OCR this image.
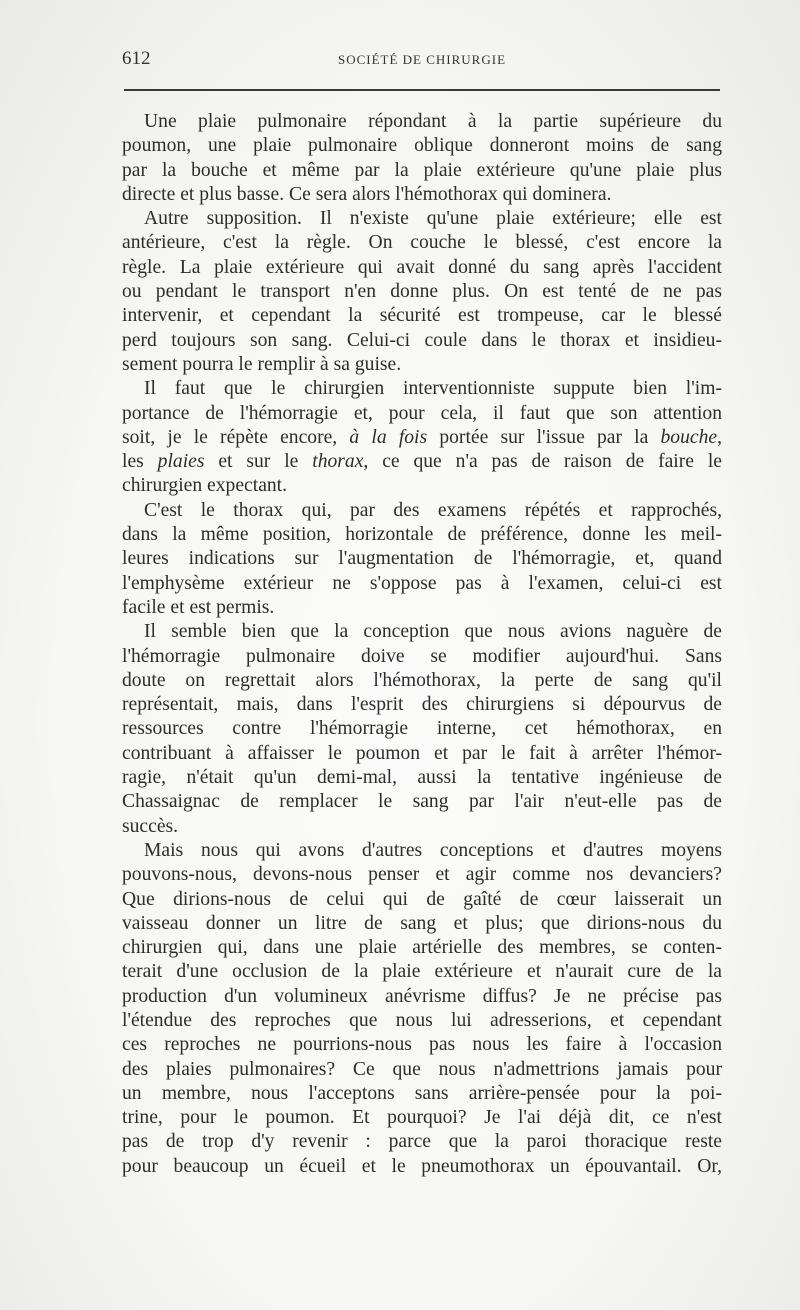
612	SOCIÉTÉ DE CHIRURGIE

Une plaie pulmonaire répondant à la partie supérieure du
poumon, une plaie pulmonaire oblique donneront moins de sang
par la bouche et même par la plaie extérieure qu'une plaie plus
directe et plus basse. Ce sera alors l'hémothorax qui dominera.

Autre supposition. Il n'existe qu'une plaie extérieure; elle est
antérieure, c'est la règle. On couche le blessé, c'est encore la
règle. La plaie extérieure qui avait donné du sang après l'accident
ou pendant le transport n'en donne plus. On est tenté de ne pas
intervenir, et cependant la sécurité est trompeuse, car le blessé
perd toujours son sang. Celui-ci coule dans le thorax et insidieu-
sement pourra le remplir à sa guise.

Il faut que le chirurgien interventionniste suppute bien l'im-
portance de l'hémorragie et, pour cela, il faut que son attention
soit, je le répète encore, à la fois portée sur l'issue par la bouche,
les plaies et sur le thorax, ce que n'a pas de raison de faire le
chirurgien expectant.

C'est le thorax qui, par des examens répétés et rapprochés,
dans la même position, horizontale de préférence, donne les meil-
leures indications sur l'augmentation de l'hémorragie, et, quand
l'emphysème extérieur ne s'oppose pas à l'examen, celui-ci est
facile et est permis.

Il semble bien que la conception que nous avions naguère de
l'hémorragie pulmonaire doive se modifier aujourd'hui. Sans
doute on regrettait alors l'hémothorax, la perte de sang qu'il
représentait, mais, dans l'esprit des chirurgiens si dépourvus de
ressources contre l'hémorragie interne, cet hémothorax, en
contribuant à affaisser le poumon et par le fait à arrêter l'hémor-
ragie, n'était qu'un demi-mal, aussi la tentative ingénieuse de
Chassaignac de remplacer le sang par l'air n'eut-elle pas de
succès.

Mais nous qui avons d'autres conceptions et d'autres moyens
pouvons-nous, devons-nous penser et agir comme nos devanciers?
Que dirions-nous de celui qui de gaîté de cœur laisserait un
vaisseau donner un litre de sang et plus; que dirions-nous du
chirurgien qui, dans une plaie artérielle des membres, se conten-
terait d'une occlusion de la plaie extérieure et n'aurait cure de la
production d'un volumineux anévrisme diffus? Je ne précise pas
l'étendue des reproches que nous lui adresserions, et cependant
ces reproches ne pourrions-nous pas nous les faire à l'occasion
des plaies pulmonaires? Ce que nous n'admettrions jamais pour
un membre, nous l'acceptons sans arrière-pensée pour la poi-
trine, pour le poumon. Et pourquoi? Je l'ai déjà dit, ce n'est
pas de trop d'y revenir : parce que la paroi thoracique reste
pour beaucoup un écueil et le pneumothorax un épouvantail. Or,
